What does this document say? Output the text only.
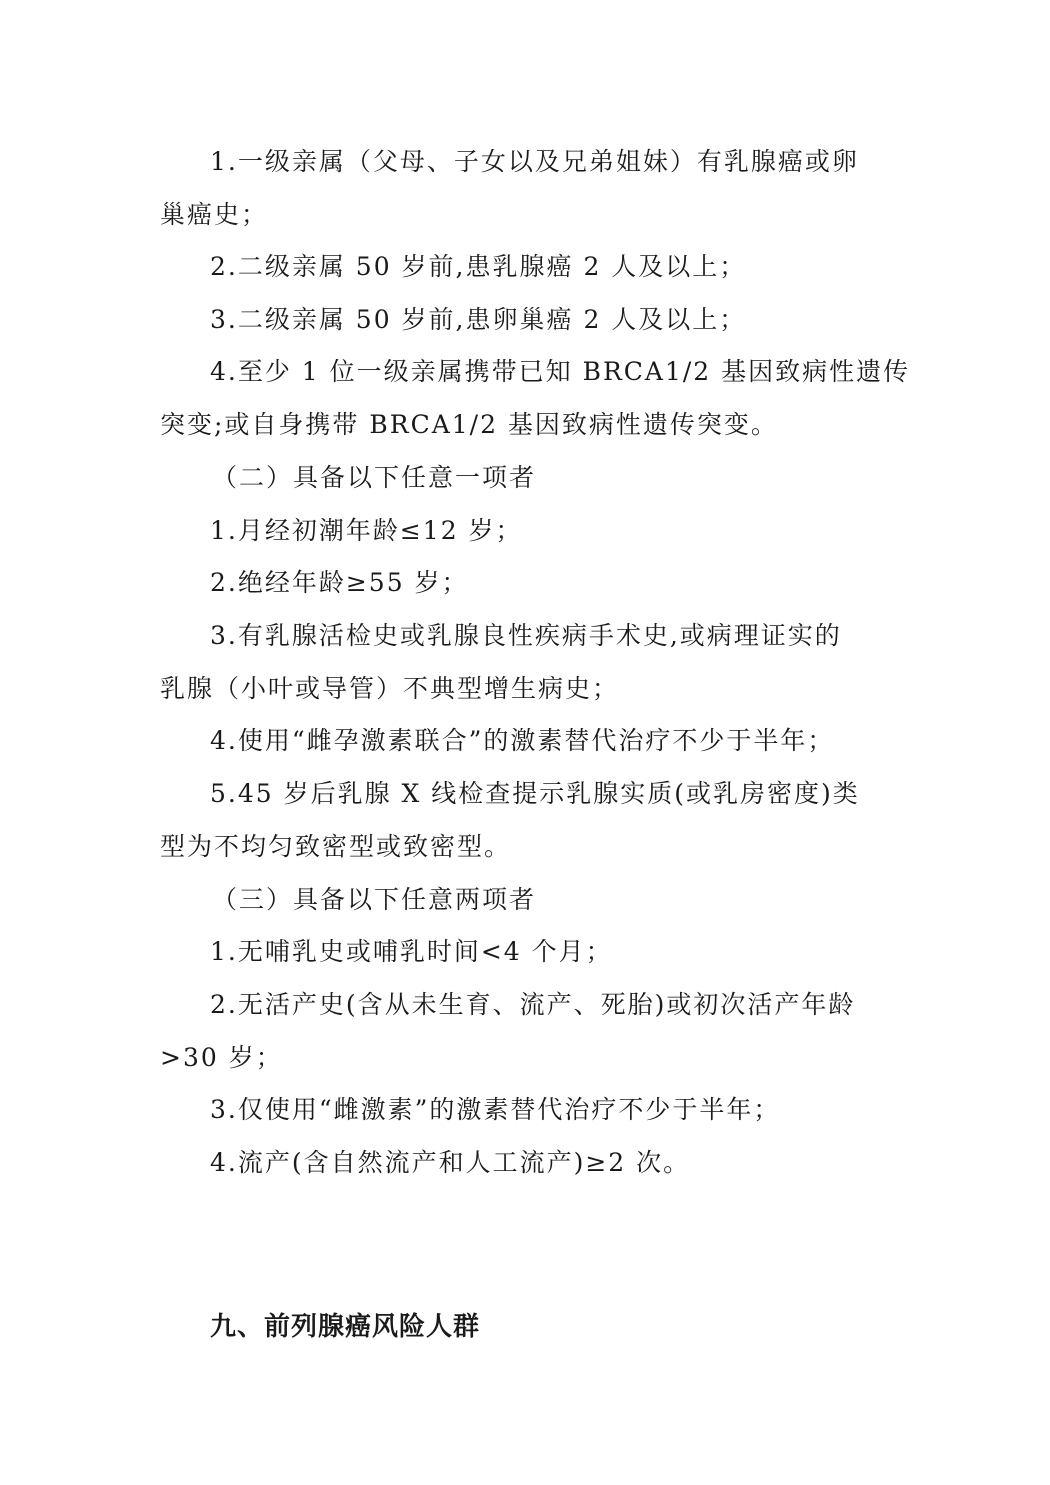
1.一级亲属（父母、子女以及兄弟姐妹）有乳腺癌或卵
巢癌史；
2.二级亲属 50 岁前,患乳腺癌 2 人及以上；
3.二级亲属 50 岁前,患卵巢癌 2 人及以上；
4.至少 1 位一级亲属携带已知 BRCA1/2 基因致病性遗传
突变;或自身携带 BRCA1/2 基因致病性遗传突变。
（二）具备以下任意一项者
1.月经初潮年龄≤12 岁；
2.绝经年龄≥55 岁；
3.有乳腺活检史或乳腺良性疾病手术史,或病理证实的
乳腺（小叶或导管）不典型增生病史；
4.使用“雌孕激素联合”的激素替代治疗不少于半年；
5.45 岁后乳腺 X 线检查提示乳腺实质(或乳房密度)类
型为不均匀致密型或致密型。
（三）具备以下任意两项者
1.无哺乳史或哺乳时间<4 个月；
2.无活产史(含从未生育、流产、死胎)或初次活产年龄
>30 岁；
3.仅使用“雌激素”的激素替代治疗不少于半年；
4.流产(含自然流产和人工流产)≥2 次。
九、前列腺癌风险人群
